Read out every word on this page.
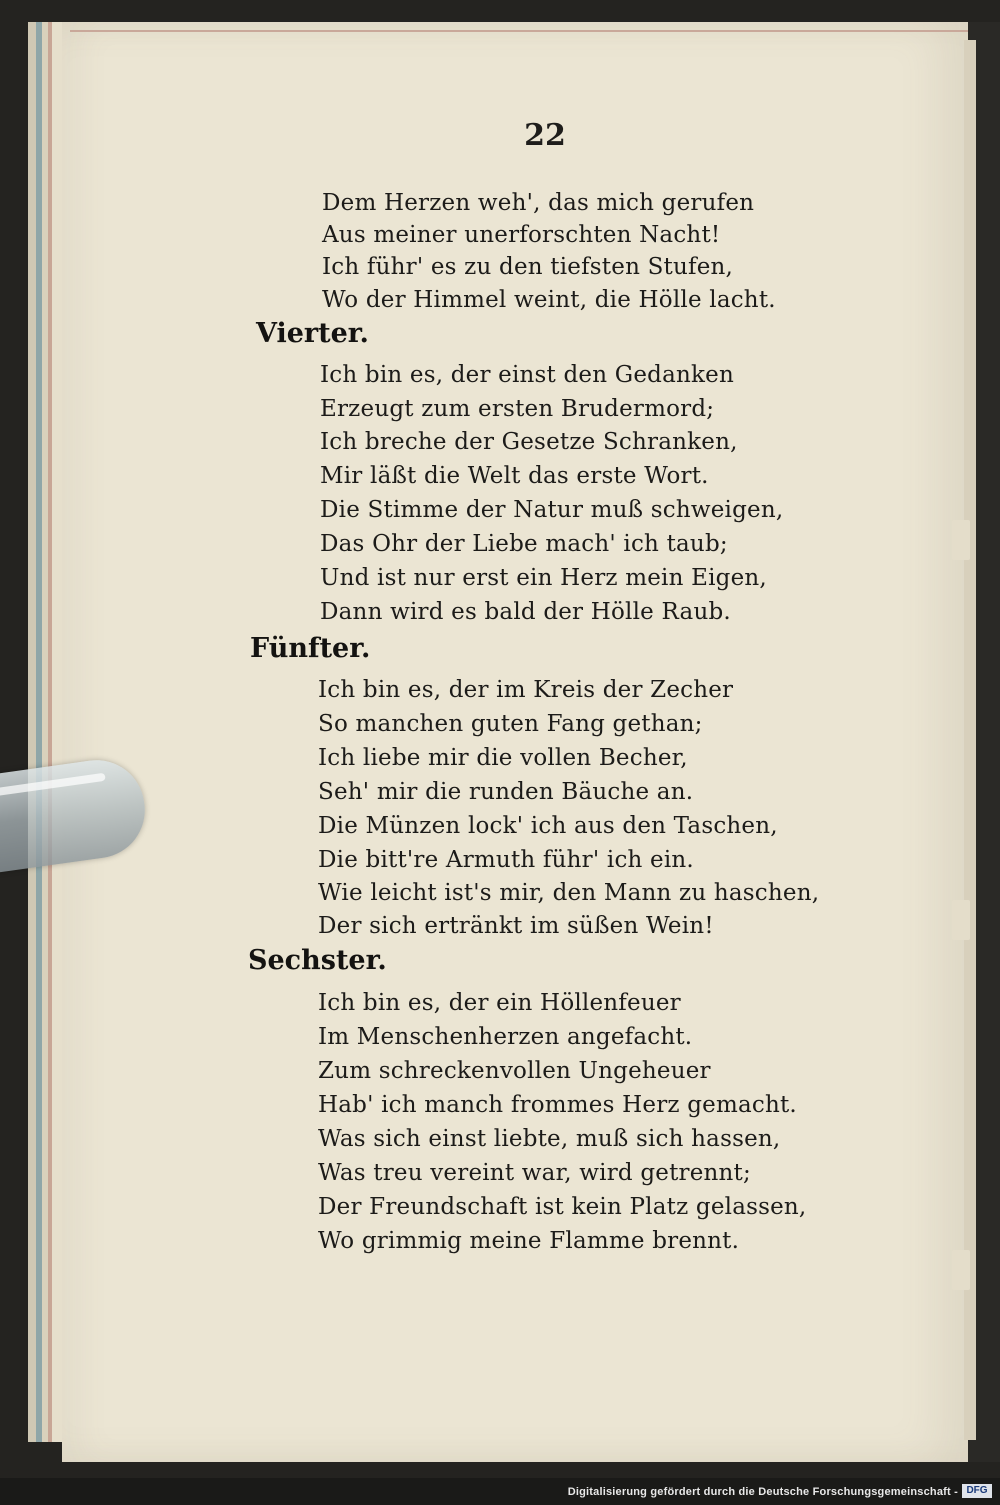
22
Dem Herzen weh', das mich gerufen
Aus meiner unerforschten Nacht!
Ich führ' es zu den tiefsten Stufen,
Wo der Himmel weint, die Hölle lacht.
Vierter.
Ich bin es, der einst den Gedanken
Erzeugt zum ersten Brudermord;
Ich breche der Gesetze Schranken,
Mir läßt die Welt das erste Wort.
Die Stimme der Natur muß schweigen,
Das Ohr der Liebe mach' ich taub;
Und ist nur erst ein Herz mein Eigen,
Dann wird es bald der Hölle Raub.
Fünfter.
Ich bin es, der im Kreis der Zecher
So manchen guten Fang gethan;
Ich liebe mir die vollen Becher,
Seh' mir die runden Bäuche an.
Die Münzen lock' ich aus den Taschen,
Die bitt're Armuth führ' ich ein.
Wie leicht ist's mir, den Mann zu haschen,
Der sich ertränkt im süßen Wein!
Sechster.
Ich bin es, der ein Höllenfeuer
Im Menschenherzen angefacht.
Zum schreckenvollen Ungeheuer
Hab' ich manch frommes Herz gemacht.
Was sich einst liebte, muß sich hassen,
Was treu vereint war, wird getrennt;
Der Freundschaft ist kein Platz gelassen,
Wo grimmig meine Flamme brennt.
Digitalisierung gefördert durch die Deutsche Forschungsgemeinschaft - DFG
